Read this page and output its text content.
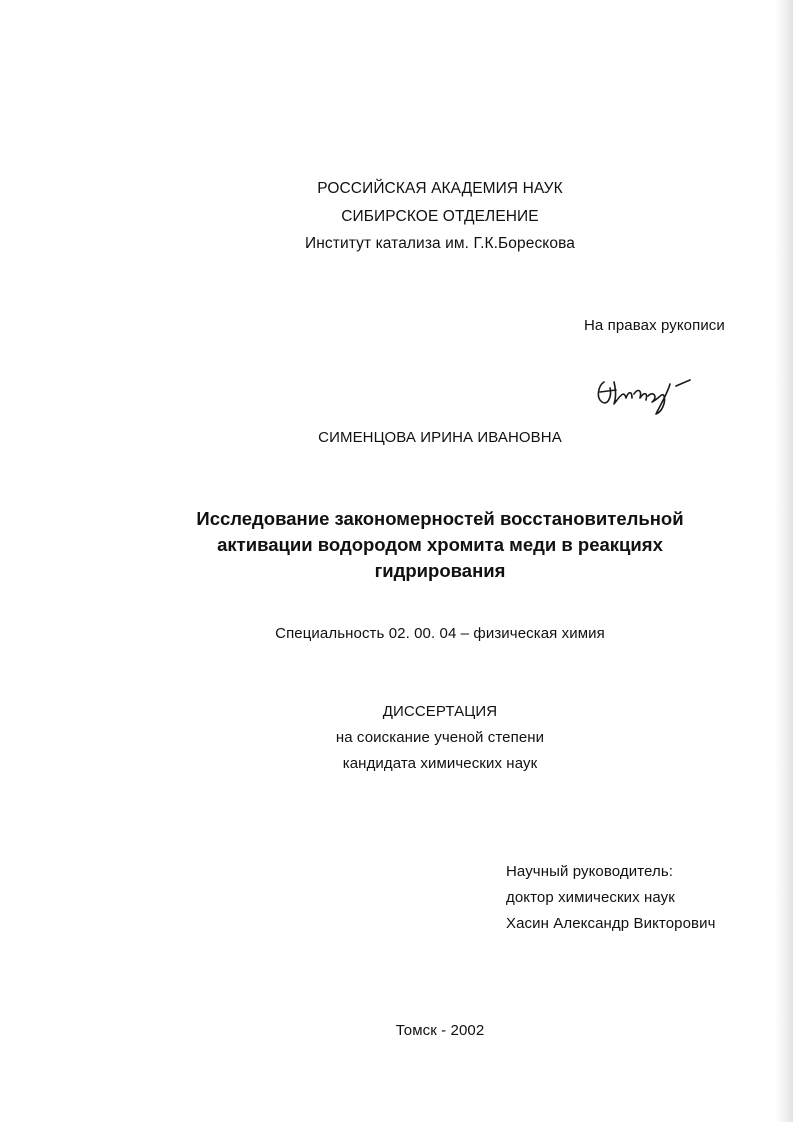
РОССИЙСКАЯ АКАДЕМИЯ НАУК
СИБИРСКОЕ ОТДЕЛЕНИЕ
Институт катализа им. Г.К.Борескова
На правах рукописи
СИМЕНЦОВА ИРИНА ИВАНОВНА
Исследование закономерностей восстановительной
активации водородом хромита меди в реакциях
гидрирования
Специальность 02. 00. 04 – физическая химия
ДИССЕРТАЦИЯ
на соискание ученой степени
кандидата химических наук
Научный руководитель:
доктор химических наук
Хасин Александр Викторович
Томск - 2002
